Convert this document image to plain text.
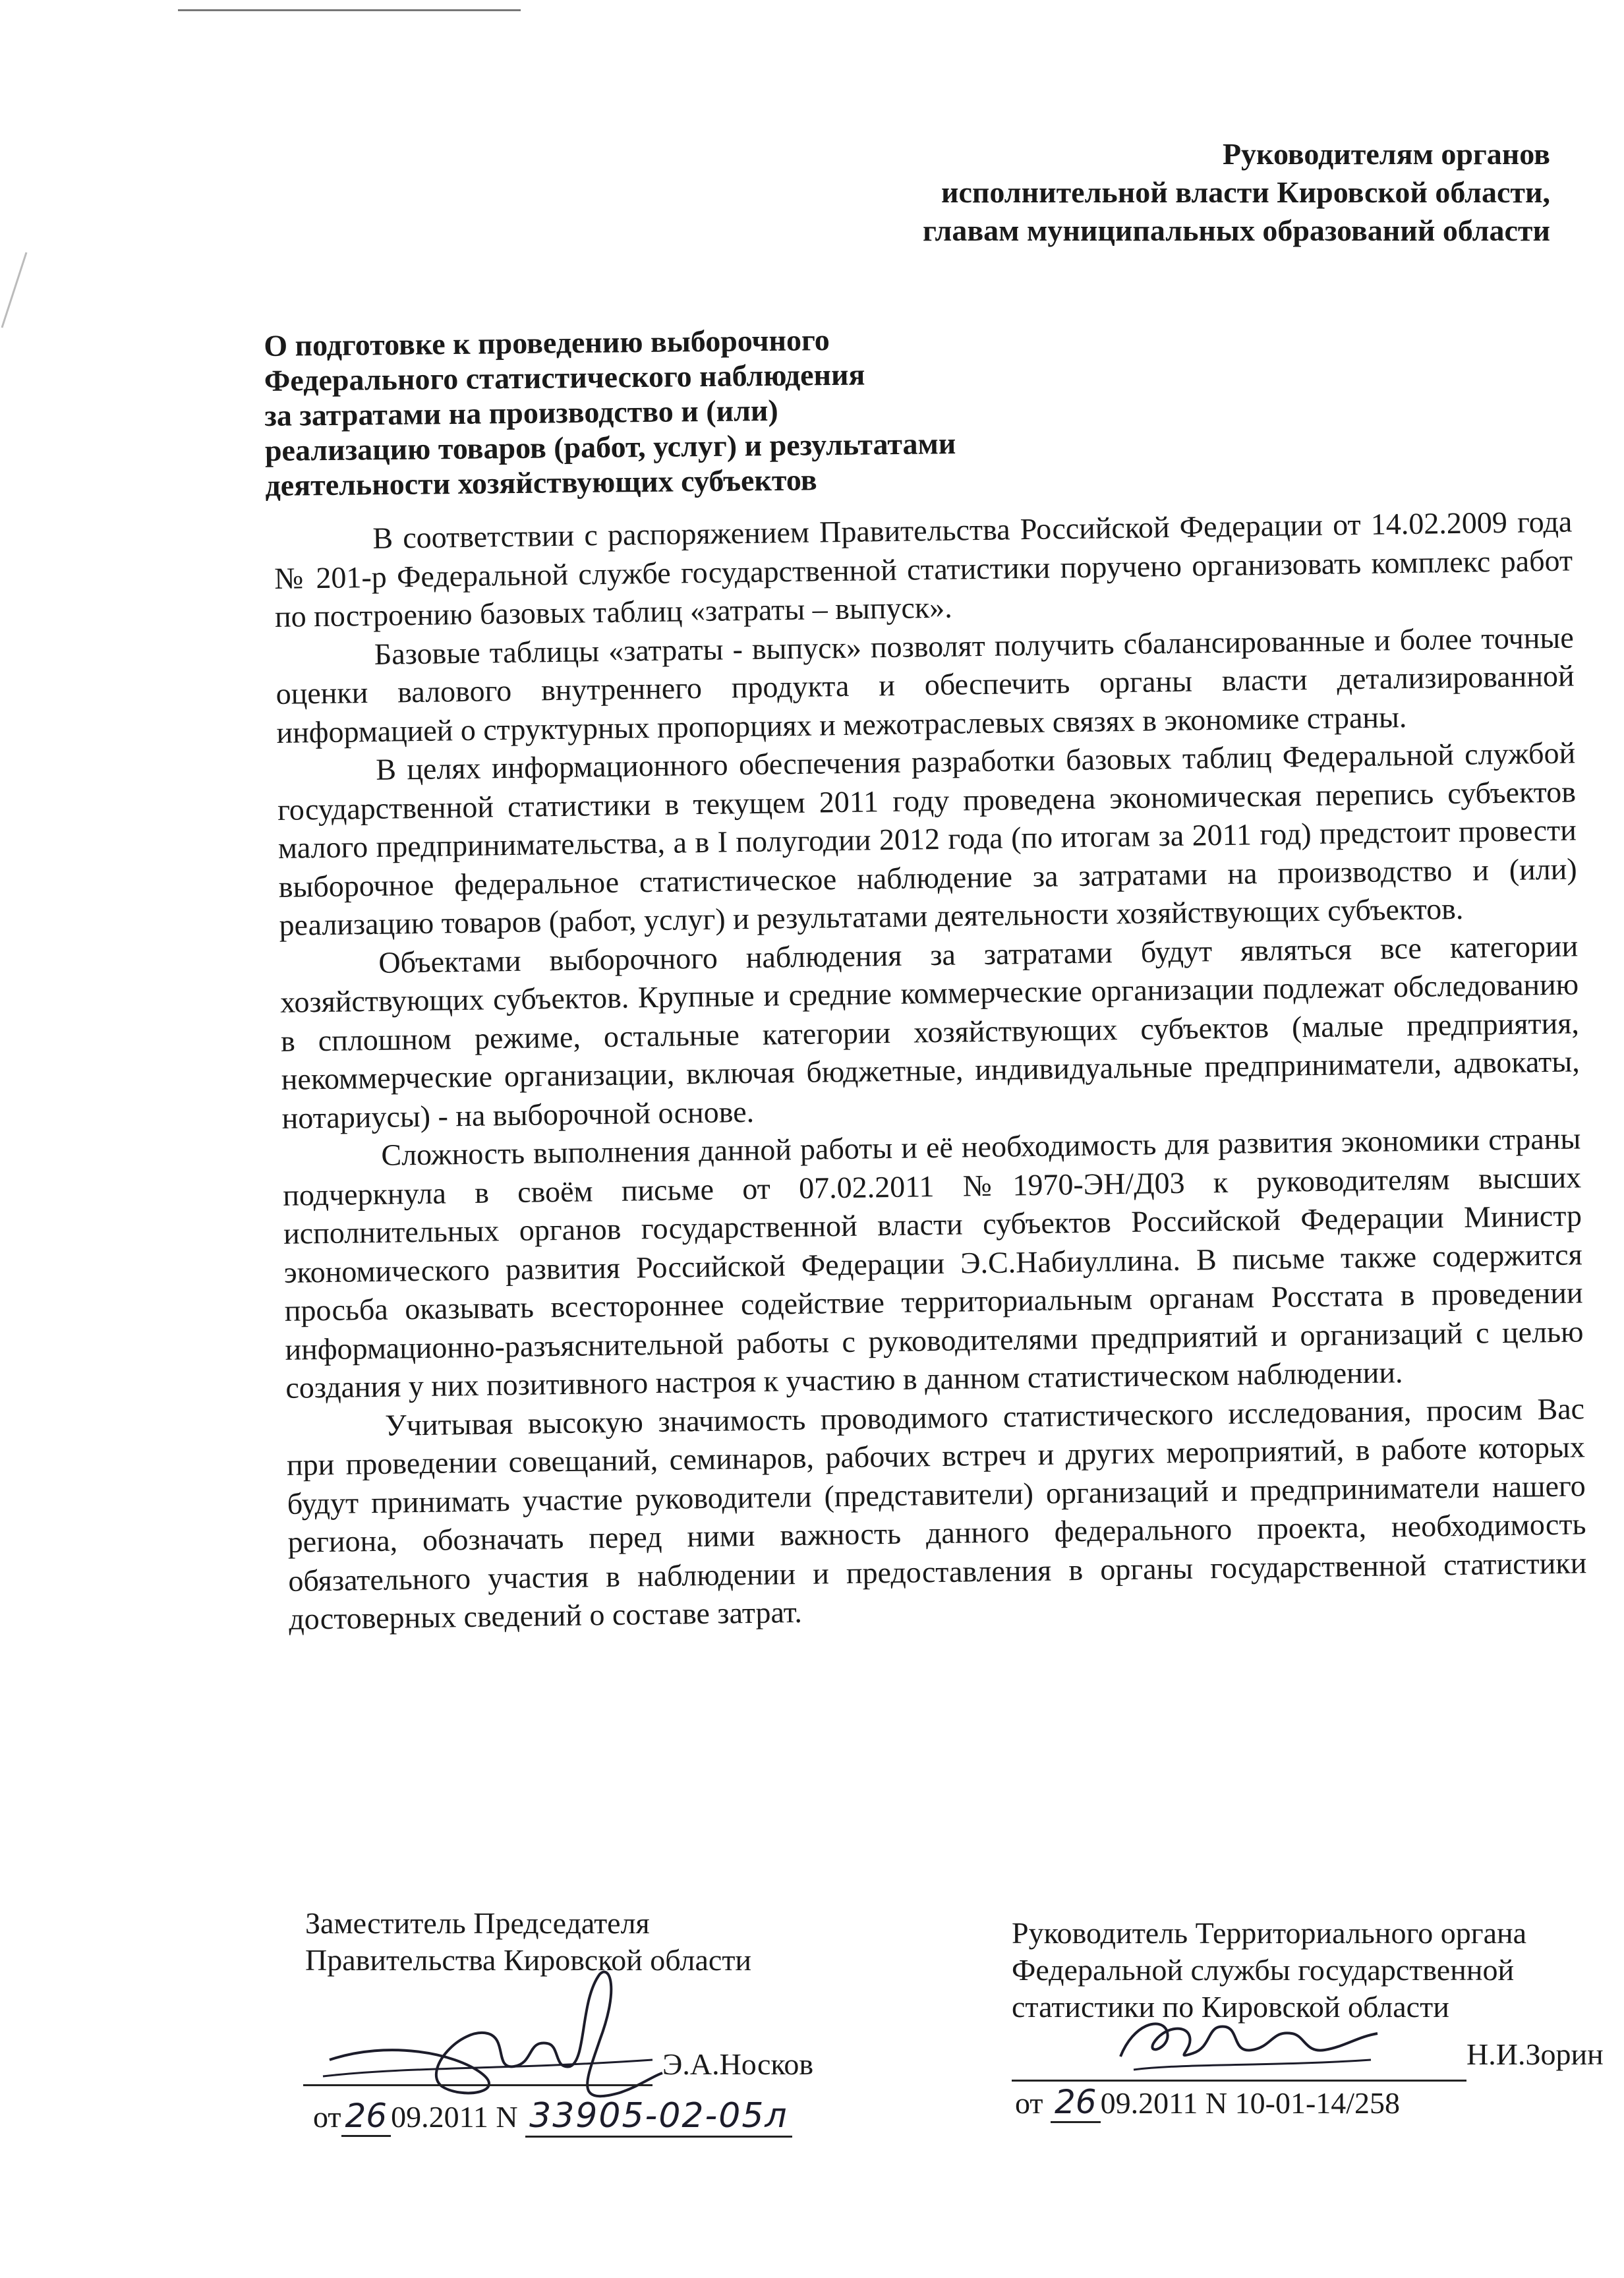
Руководителям органов
исполнительной власти Кировской области,
главам муниципальных образований области
О подготовке к проведению выборочного
Федерального статистического наблюдения
за затратами на производство и (или)
реализацию товаров (работ, услуг) и результатами
деятельности хозяйствующих субъектов

В соответствии с распоряжением Правительства Российской Федерации от 14.02.2009 года № 201-р Федеральной службе государственной статистики поручено организовать комплекс работ по построению базовых таблиц «затраты – выпуск».

Базовые таблицы «затраты - выпуск» позволят получить сбалансированные и более точные оценки валового внутреннего продукта и обеспечить органы власти детализированной информацией о структурных пропорциях и межотраслевых связях в экономике страны.

В целях информационного обеспечения разработки базовых таблиц Федеральной службой государственной статистики в текущем 2011 году проведена экономическая перепись субъектов малого предпринимательства, а в I полугодии 2012 года (по итогам за 2011 год) предстоит провести выборочное федеральное статистическое наблюдение за затратами на производство и (или) реализацию товаров (работ, услуг) и результатами деятельности хозяйствующих субъектов.

Объектами выборочного наблюдения за затратами будут являться все категории хозяйствующих субъектов. Крупные и средние коммерческие организации подлежат обследованию в сплошном режиме, остальные категории хозяйствующих субъектов (малые предприятия, некоммерческие организации, включая бюджетные, индивидуальные предприниматели, адвокаты, нотариусы) - на выборочной основе.

Сложность выполнения данной работы и её необходимость для развития экономики страны подчеркнула в своём письме от 07.02.2011 №1970-ЭН/Д03 к руководителям высших исполнительных органов государственной власти субъектов Российской Федерации Министр экономического развития Российской Федерации Э.С.Набиуллина. В письме также содержится просьба оказывать всестороннее содействие территориальным органам Росстата в проведении информационно-разъяснительной работы с руководителями предприятий и организаций с целью создания у них позитивного настроя к участию в данном статистическом наблюдении.

Учитывая высокую значимость проводимого статистического исследования, просим Вас при проведении совещаний, семинаров, рабочих встреч и других мероприятий, в работе которых будут принимать участие руководители (представители) организаций и предприниматели нашего региона, обозначать перед ними важность данного федерального проекта, необходимость обязательного участия в наблюдении и предоставления в органы государственной статистики достоверных сведений о составе затрат.

Заместитель Председателя
Правительства Кировской области
Э.А.Носков
от 26 09.2011 N 33905-02-05л
Руководитель Территориального органа
Федеральной службы государственной
статистики по Кировской области
Н.И.Зорин
от 26 09.2011 N 10-01-14/258
